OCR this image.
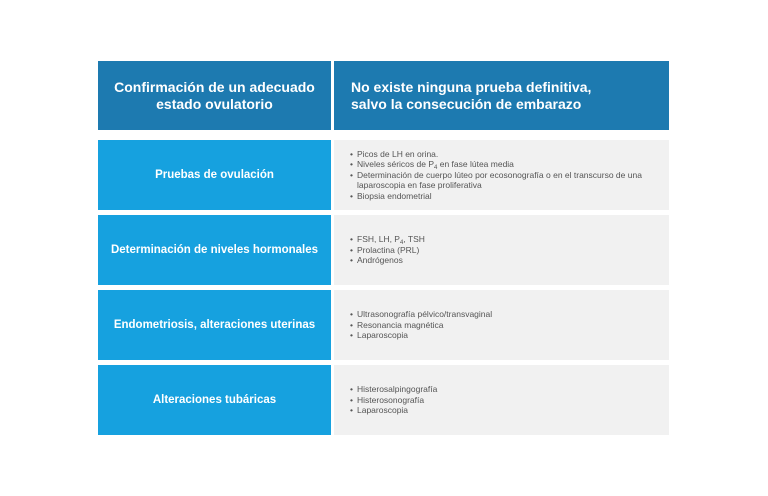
Confirmación de un adecuado
estado ovulatorio
No existe ninguna prueba definitiva,
salvo la consecución de embarazo
Pruebas de ovulación
• Picos de LH en orina.
• Niveles séricos de $P_4$ en fase lútea media
• Determinación de cuerpo lúteo por ecosonografía o en el transcurso de una laparoscopia en fase proliferativa
• Biopsia endometrial
Determinación de niveles hormonales
• FSH, LH, $P_4$, TSH
• Prolactina (PRL)
• Andrógenos
Endometriosis, alteraciones uterinas
• Ultrasonografía pélvico/transvaginal
• Resonancia magnética
• Laparoscopia
Alteraciones tubáricas
• Histerosalpingografía
• Histerosonografía
• Laparoscopia
